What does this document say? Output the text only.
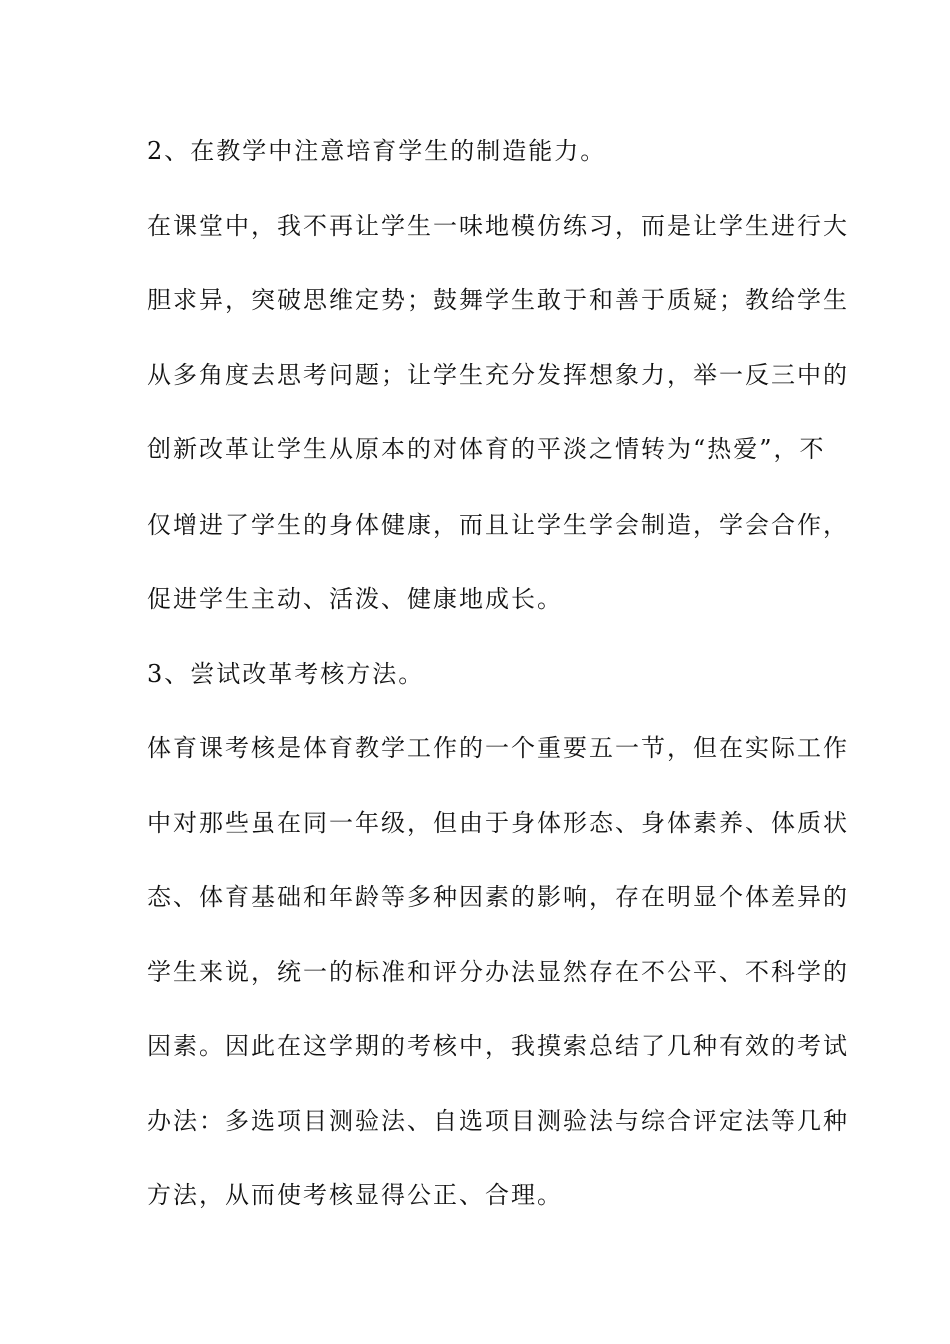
2、在教学中注意培育学生的制造能力。
在课堂中，我不再让学生一味地模仿练习，而是让学生进行大
胆求异，突破思维定势；鼓舞学生敢于和善于质疑；教给学生
从多角度去思考问题；让学生充分发挥想象力，举一反三中的
创新改革让学生从原本的对体育的平淡之情转为“热爱”，不
仅增进了学生的身体健康，而且让学生学会制造，学会合作，
促进学生主动、活泼、健康地成长。
3、尝试改革考核方法。
体育课考核是体育教学工作的一个重要五一节，但在实际工作
中对那些虽在同一年级，但由于身体形态、身体素养、体质状
态、体育基础和年龄等多种因素的影响，存在明显个体差异的
学生来说，统一的标准和评分办法显然存在不公平、不科学的
因素。因此在这学期的考核中，我摸索总结了几种有效的考试
办法：多选项目测验法、自选项目测验法与综合评定法等几种
方法，从而使考核显得公正、合理。
